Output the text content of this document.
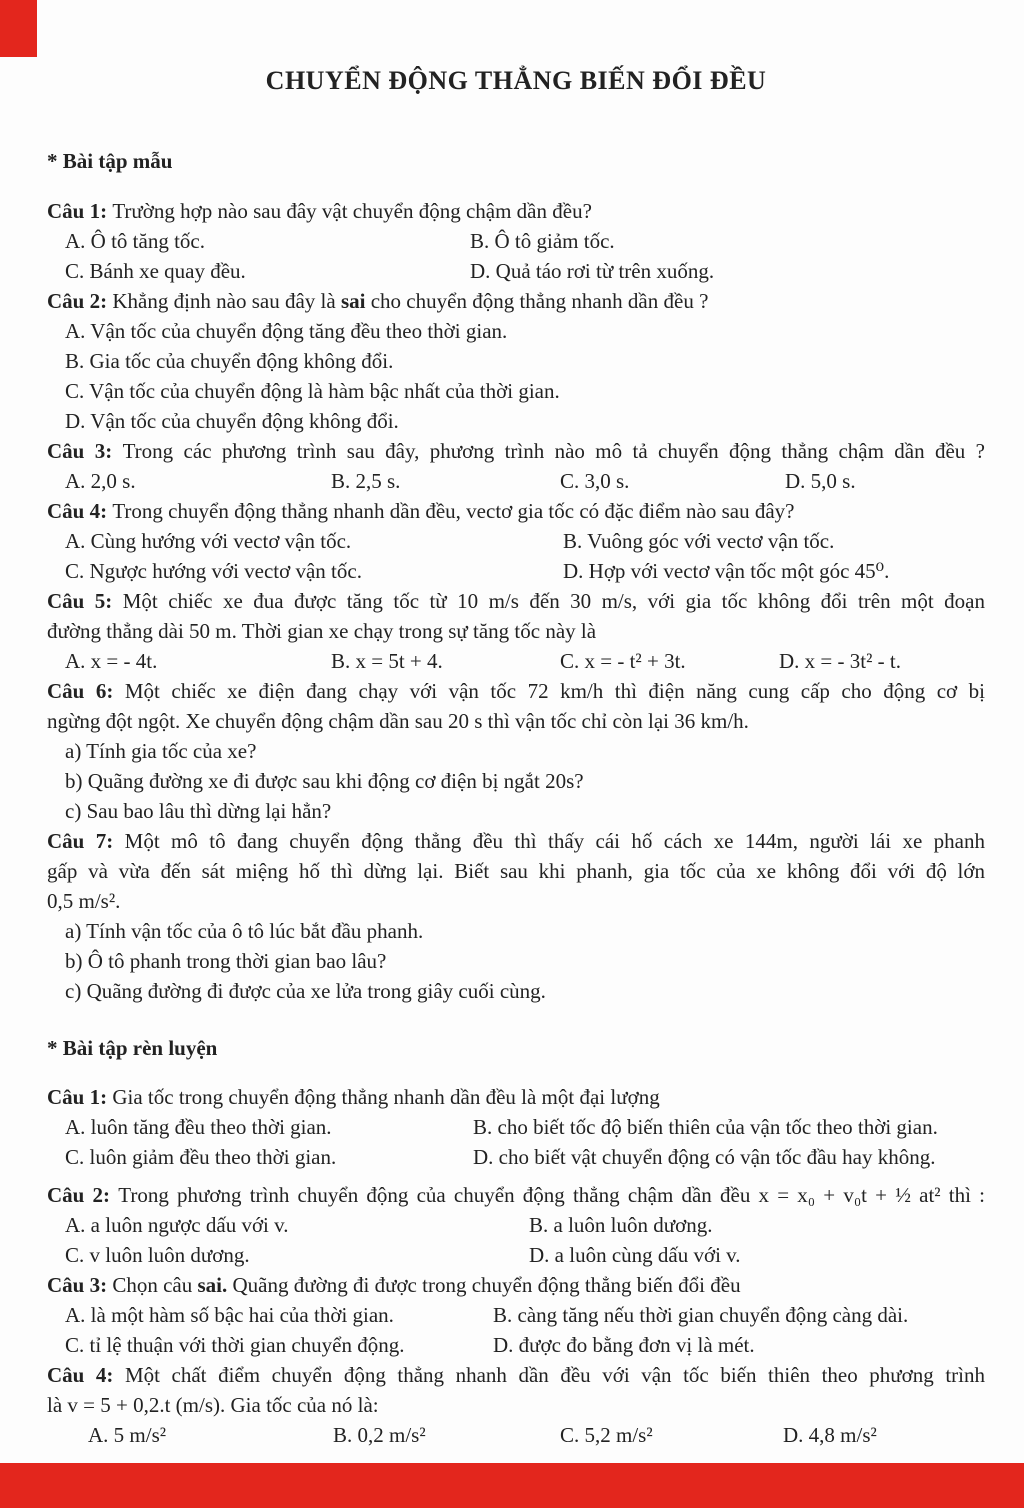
CHUYỂN ĐỘNG THẲNG BIẾN ĐỔI ĐỀU
* Bài tập mẫu
Câu 1: Trường hợp nào sau đây vật chuyển động chậm dần đều?
A. Ô tô tăng tốc.	B. Ô tô giảm tốc.
C. Bánh xe quay đều.	D. Quả táo rơi từ trên xuống.
Câu 2: Khẳng định nào sau đây là sai cho chuyển động thẳng nhanh dần đều ?
A. Vận tốc của chuyển động tăng đều theo thời gian.
B. Gia tốc của chuyển động không đổi.
C. Vận tốc của chuyển động là hàm bậc nhất của thời gian.
D. Vận tốc của chuyển động không đổi.
Câu 3: Trong các phương trình sau đây, phương trình nào mô tả chuyển động thẳng chậm dần đều ?
A. 2,0 s.	B. 2,5 s.	C. 3,0 s.	D. 5,0 s.
Câu 4: Trong chuyển động thẳng nhanh dần đều, vectơ gia tốc có đặc điểm nào sau đây?
A. Cùng hướng với vectơ vận tốc.	B. Vuông góc với vectơ vận tốc.
C. Ngược hướng với vectơ vận tốc.	D. Hợp với vectơ vận tốc một góc 45⁰.
Câu 5: Một chiếc xe đua được tăng tốc từ 10 m/s đến 30 m/s, với gia tốc không đổi trên một đoạn
đường thẳng dài 50 m. Thời gian xe chạy trong sự tăng tốc này là
A. x = - 4t.	B. x = 5t + 4.	C. x = - t² + 3t.	D. x = - 3t² - t.
Câu 6: Một chiếc xe điện đang chạy với vận tốc 72 km/h thì điện năng cung cấp cho động cơ bị
ngừng đột ngột. Xe chuyển động chậm dần sau 20 s thì vận tốc chỉ còn lại 36 km/h.
a) Tính gia tốc của xe?
b) Quãng đường xe đi được sau khi động cơ điện bị ngắt 20s?
c) Sau bao lâu thì dừng lại hẳn?
Câu 7: Một mô tô đang chuyển động thẳng đều thì thấy cái hố cách xe 144m, người lái xe phanh
gấp và vừa đến sát miệng hố thì dừng lại. Biết sau khi phanh, gia tốc của xe không đổi với độ lớn
0,5 m/s².
a) Tính vận tốc của ô tô lúc bắt đầu phanh.
b) Ô tô phanh trong thời gian bao lâu?
c) Quãng đường đi được của xe lửa trong giây cuối cùng.
* Bài tập rèn luyện
Câu 1: Gia tốc trong chuyển động thẳng nhanh dần đều là một đại lượng
A. luôn tăng đều theo thời gian.	B. cho biết tốc độ biến thiên của vận tốc theo thời gian.
C. luôn giảm đều theo thời gian.	D. cho biết vật chuyển động có vận tốc đầu hay không.
Câu 2: Trong phương trình chuyển động của chuyển động thẳng chậm dần đều x = x₀ + v₀t + ½ at² thì :
A. a luôn ngược dấu với v.	B. a luôn luôn dương.
C. v luôn luôn dương.	D. a luôn cùng dấu với v.
Câu 3: Chọn câu sai. Quãng đường đi được trong chuyển động thẳng biến đổi đều
A. là một hàm số bậc hai của thời gian.	B. càng tăng nếu thời gian chuyển động càng dài.
C. tỉ lệ thuận với thời gian chuyển động.	D. được đo bằng đơn vị là mét.
Câu 4: Một chất điểm chuyển động thẳng nhanh dần đều với vận tốc biến thiên theo phương trình
là v = 5 + 0,2.t (m/s). Gia tốc của nó là:
A. 5 m/s²	B. 0,2 m/s²	C. 5,2 m/s²	D. 4,8 m/s²
